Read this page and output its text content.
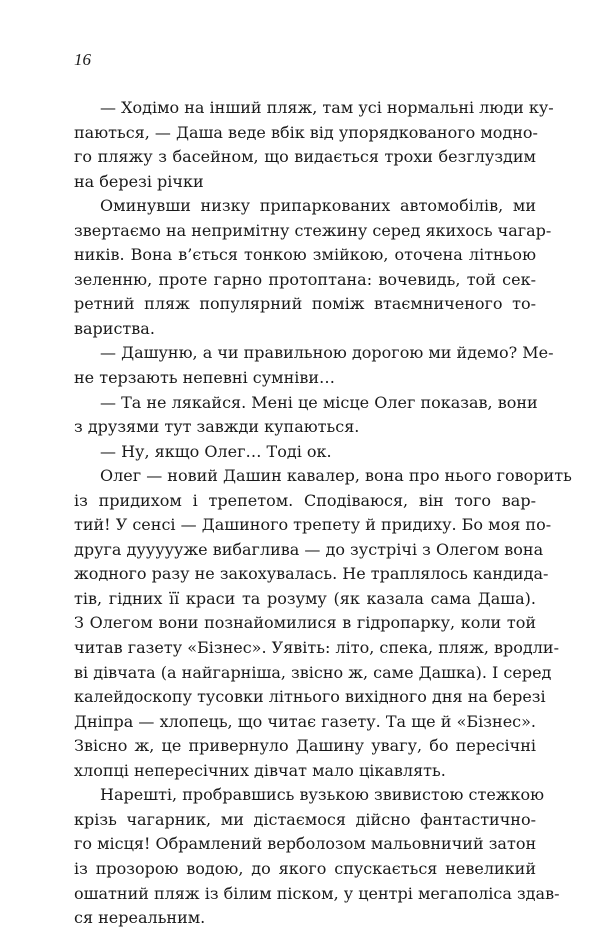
16
— Ходімо на інший пляж, там усі нормальні люди ку-
паються, — Даша веде вбік від упорядкованого модно-
го пляжу з басейном, що видається трохи безглуздим
на березі річки
Оминувши низку припаркованих автомобілів, ми
звертаємо на непримітну стежину серед якихось чагар-
ників. Вона в’ється тонкою змійкою, оточена літньою
зеленню, проте гарно протоптана: вочевидь, той сек-
ретний пляж популярний поміж втаємниченого то-
вариства.
— Дашуню, а чи правильною дорогою ми йдемо? Ме-
не терзають непевні сумніви…
— Та не лякайся. Мені це місце Олег показав, вони
з друзями тут завжди купаються.
— Ну, якщо Олег… Тоді ок.
Олег — новий Дашин кавалер, вона про нього говорить
із придихом і трепетом. Сподіваюся, він того вар-
тий! У сенсі — Дашиного трепету й придиху. Бо моя по-
друга дуууууже вибаглива — до зустрічі з Олегом вона
жодного разу не закохувалась. Не траплялось кандида-
тів, гідних її краси та розуму (як казала сама Даша).
З Олегом вони познайомилися в гідропарку, коли той
читав газету «Бізнес». Уявіть: літо, спека, пляж, вродли-
ві дівчата (а найгарніша, звісно ж, саме Дашка). І серед
калейдоскопу тусовки літнього вихідного дня на березі
Дніпра — хлопець, що читає газету. Та ще й «Бізнес».
Звісно ж, це привернуло Дашину увагу, бо пересічні
хлопці непересічних дівчат мало цікавлять.
Нарешті, пробравшись вузькою звивистою стежкою
крізь чагарник, ми дістаємося дійсно фантастично-
го місця! Обрамлений верболозом мальовничий затон
із прозорою водою, до якого спускається невеликий
ошатний пляж із білим піском, у центрі мегаполіса здав-
ся нереальним.
